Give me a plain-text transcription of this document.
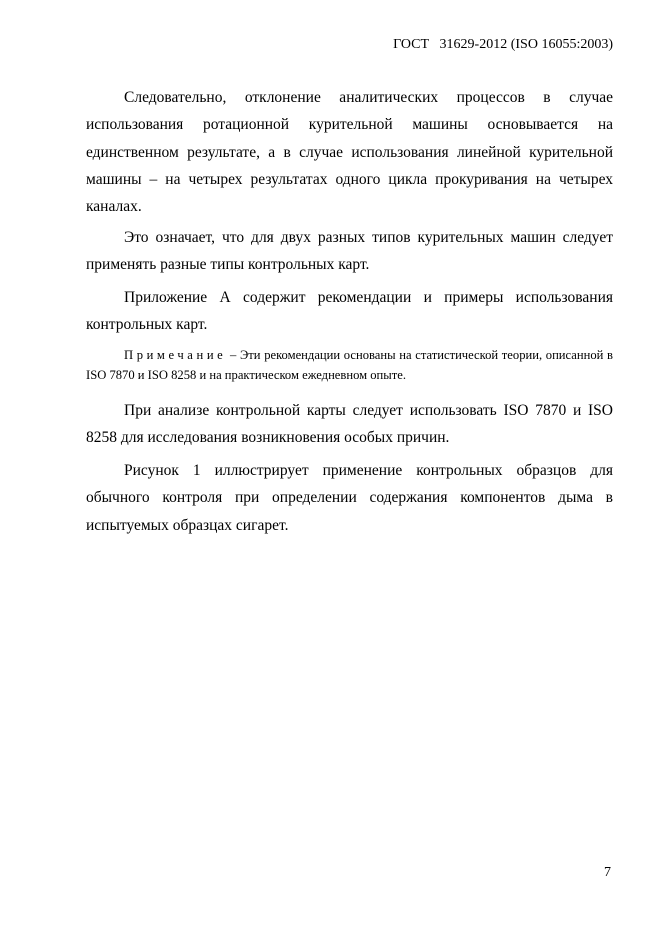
ГОСТ   31629-2012 (ISO 16055:2003)

Следовательно, отклонение аналитических процессов в случае использования ротационной курительной машины основывается на единственном результате, а в случае использования линейной курительной машины – на четырех результатах одного цикла прокуривания на четырех каналах.

Это означает, что для двух разных типов курительных машин следует применять разные типы контрольных карт.

Приложение А содержит рекомендации и примеры использования контрольных карт.

Примечание – Эти рекомендации основаны на статистической теории, описанной в ISO 7870 и ISO 8258 и на практическом ежедневном опыте.

При анализе контрольной карты следует использовать ISO 7870 и ISO 8258 для исследования возникновения особых причин.

Рисунок 1 иллюстрирует применение контрольных образцов для обычного контроля при определении содержания компонентов дыма в испытуемых образцах сигарет.

7
